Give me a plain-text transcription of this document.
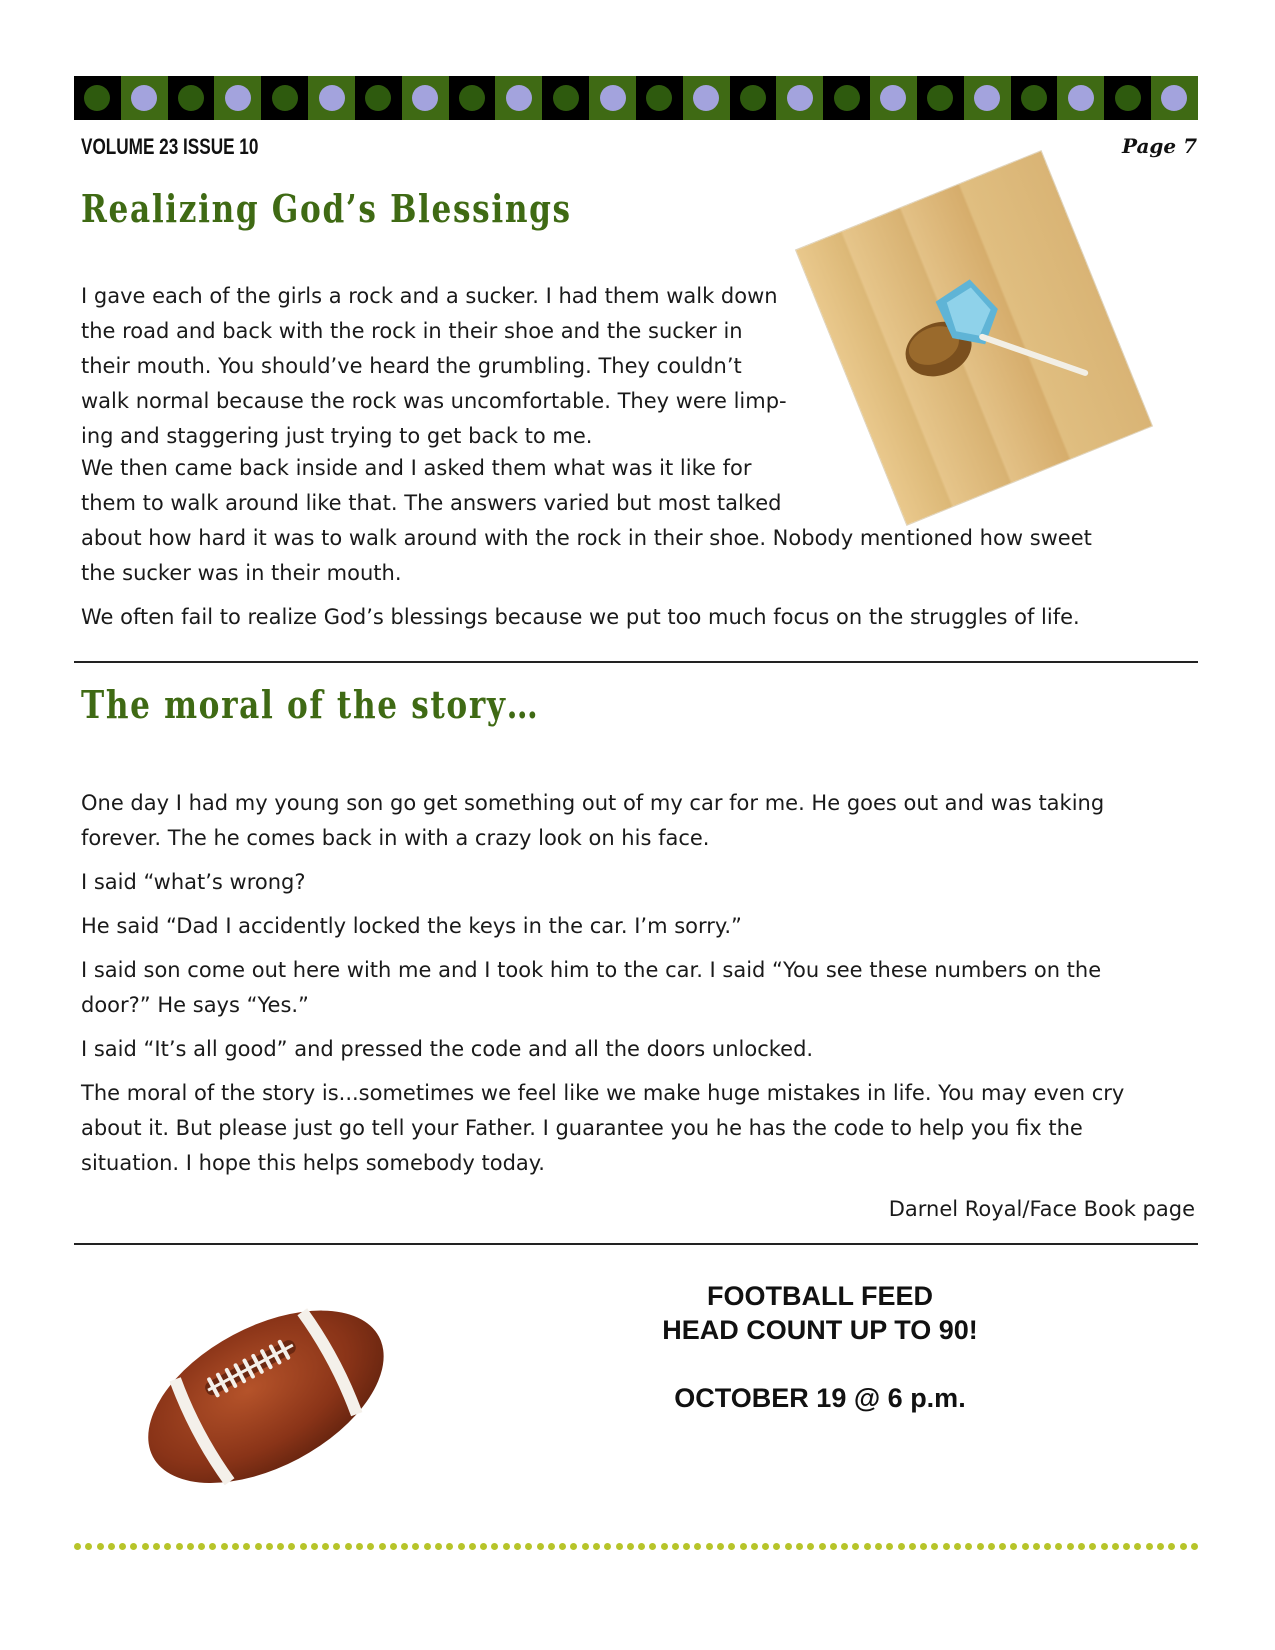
VOLUME 23 ISSUE 10	Page 7
Realizing God’s Blessings

I gave each of the girls a rock and a sucker. I had them walk down
the road and back with the rock in their shoe and the sucker in
their mouth. You should’ve heard the grumbling. They couldn’t
walk normal because the rock was uncomfortable. They were limp-
ing and staggering just trying to get back to me.

We then came back inside and I asked them what was it like for
them to walk around like that. The answers varied but most talked
about how hard it was to walk around with the rock in their shoe. Nobody mentioned how sweet
the sucker was in their mouth.

We often fail to realize God’s blessings because we put too much focus on the struggles of life.

The moral of the story…

One day I had my young son go get something out of my car for me. He goes out and was taking
forever. The he comes back in with a crazy look on his face.

I said “what’s wrong?

He said “Dad I accidently locked the keys in the car. I’m sorry.”

I said son come out here with me and I took him to the car. I said “You see these numbers on the
door?” He says “Yes.”

I said “It’s all good” and pressed the code and all the doors unlocked.

The moral of the story is...sometimes we feel like we make huge mistakes in life. You may even cry
about it. But please just go tell your Father. I guarantee you he has the code to help you fix the
situation. I hope this helps somebody today.

Darnel Royal/Face Book page
FOOTBALL FEED
HEAD COUNT UP TO 90!
OCTOBER 19 @ 6 p.m.
